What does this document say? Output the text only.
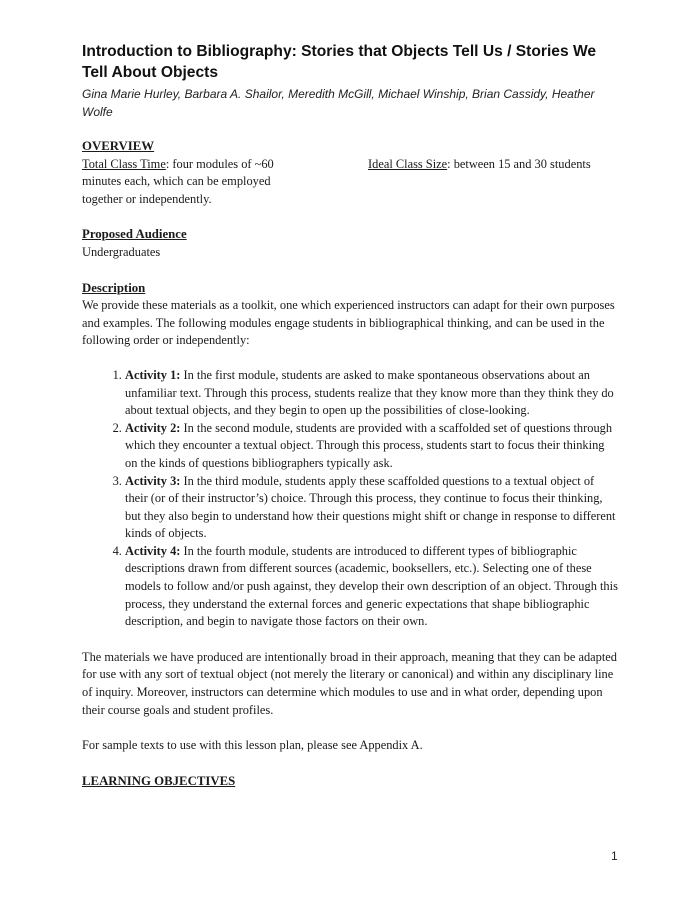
Introduction to Bibliography: Stories that Objects Tell Us / Stories We Tell About Objects

Gina Marie Hurley, Barbara A. Shailor, Meredith McGill, Michael Winship, Brian Cassidy, Heather Wolfe

OVERVIEW

Total Class Time: four modules of ~60 minutes each, which can be employed together or independently.
Ideal Class Size: between 15 and 30 students

Proposed Audience

Undergraduates

Description

We provide these materials as a toolkit, one which experienced instructors can adapt for their own purposes and examples. The following modules engage students in bibliographical thinking, and can be used in the following order or independently:

1. Activity 1: In the first module, students are asked to make spontaneous observations about an unfamiliar text. Through this process, students realize that they know more than they think they do about textual objects, and they begin to open up the possibilities of close-looking.
2. Activity 2: In the second module, students are provided with a scaffolded set of questions through which they encounter a textual object. Through this process, students start to focus their thinking on the kinds of questions bibliographers typically ask.
3. Activity 3: In the third module, students apply these scaffolded questions to a textual object of their (or of their instructor’s) choice. Through this process, they continue to focus their thinking, but they also begin to understand how their questions might shift or change in response to different kinds of objects.
4. Activity 4: In the fourth module, students are introduced to different types of bibliographic descriptions drawn from different sources (academic, booksellers, etc.). Selecting one of these models to follow and/or push against, they develop their own description of an object. Through this process, they understand the external forces and generic expectations that shape bibliographic description, and begin to navigate those factors on their own.

The materials we have produced are intentionally broad in their approach, meaning that they can be adapted for use with any sort of textual object (not merely the literary or canonical) and within any disciplinary line of inquiry. Moreover, instructors can determine which modules to use and in what order, depending upon their course goals and student profiles.

For sample texts to use with this lesson plan, please see Appendix A.

LEARNING OBJECTIVES

1
